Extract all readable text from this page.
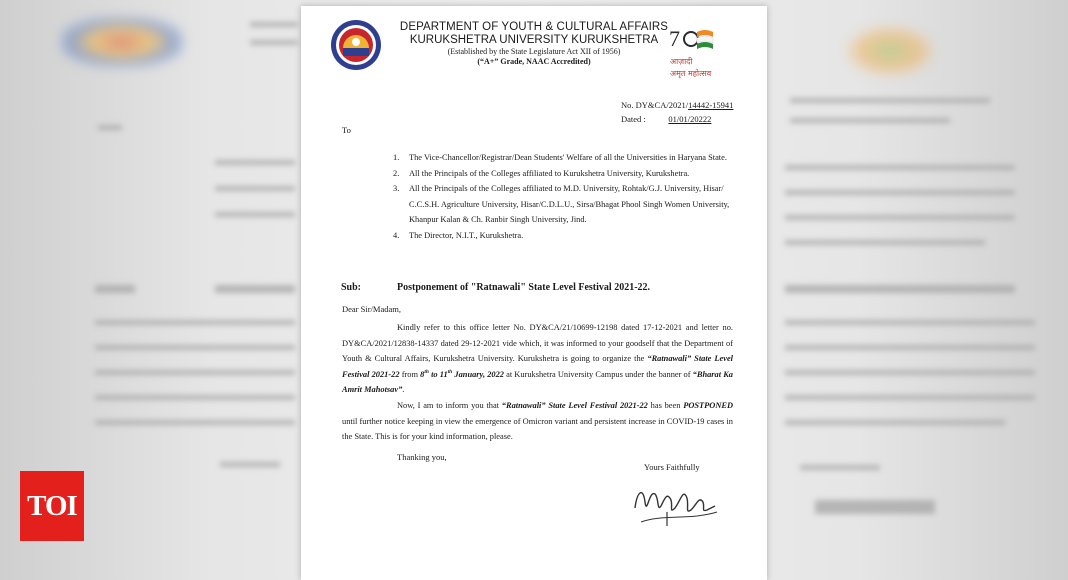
DEPARTMENT OF YOUTH & CULTURAL AFFAIRS
KURUKSHETRA UNIVERSITY KURUKSHETRA
(Established by the State Legislature Act XII of 1956)
(“A+” Grade, NAAC Accredited)
7
आज़ादी
अमृत महोत्सव
No. DY&CA/2021/14442-15941
Dated :	01/01/20222
To
1. The Vice-Chancellor/Registrar/Dean Students' Welfare of all the Universities in Haryana State.
2. All the Principals of the Colleges affiliated to Kurukshetra University, Kurukshetra.
3. All the Principals of the Colleges affiliated to M.D. University, Rohtak/G.J. University, Hisar/ C.C.S.H. Agriculture University, Hisar/C.D.L.U., Sirsa/Bhagat Phool Singh Women University, Khanpur Kalan & Ch. Ranbir Singh University, Jind.
4. The Director, N.I.T., Kurukshetra.
Sub:	Postponement of "Ratnawali" State Level Festival 2021-22.
Dear Sir/Madam,

Kindly refer to this office letter No. DY&CA/21/10699-12198 dated 17-12-2021 and letter no. DY&CA/2021/12838-14337 dated 29-12-2021 vide which, it was informed to your goodself that the Department of Youth & Cultural Affairs, Kurukshetra University. Kurukshetra is going to organize the “Ratnawali” State Level Festival 2021-22 from 8th to 11th January, 2022 at Kurukshetra University Campus under the banner of “Bharat Ka Amrit Mahotsav”.

Now, I am to inform you that “Ratnawali” State Level Festival 2021-22 has been POSTPONED until further notice keeping in view the emergence of Omicron variant and persistent increase in COVID-19 cases in the State. This is for your kind information, please.

Thanking you,
Yours Faithfully
TOI
